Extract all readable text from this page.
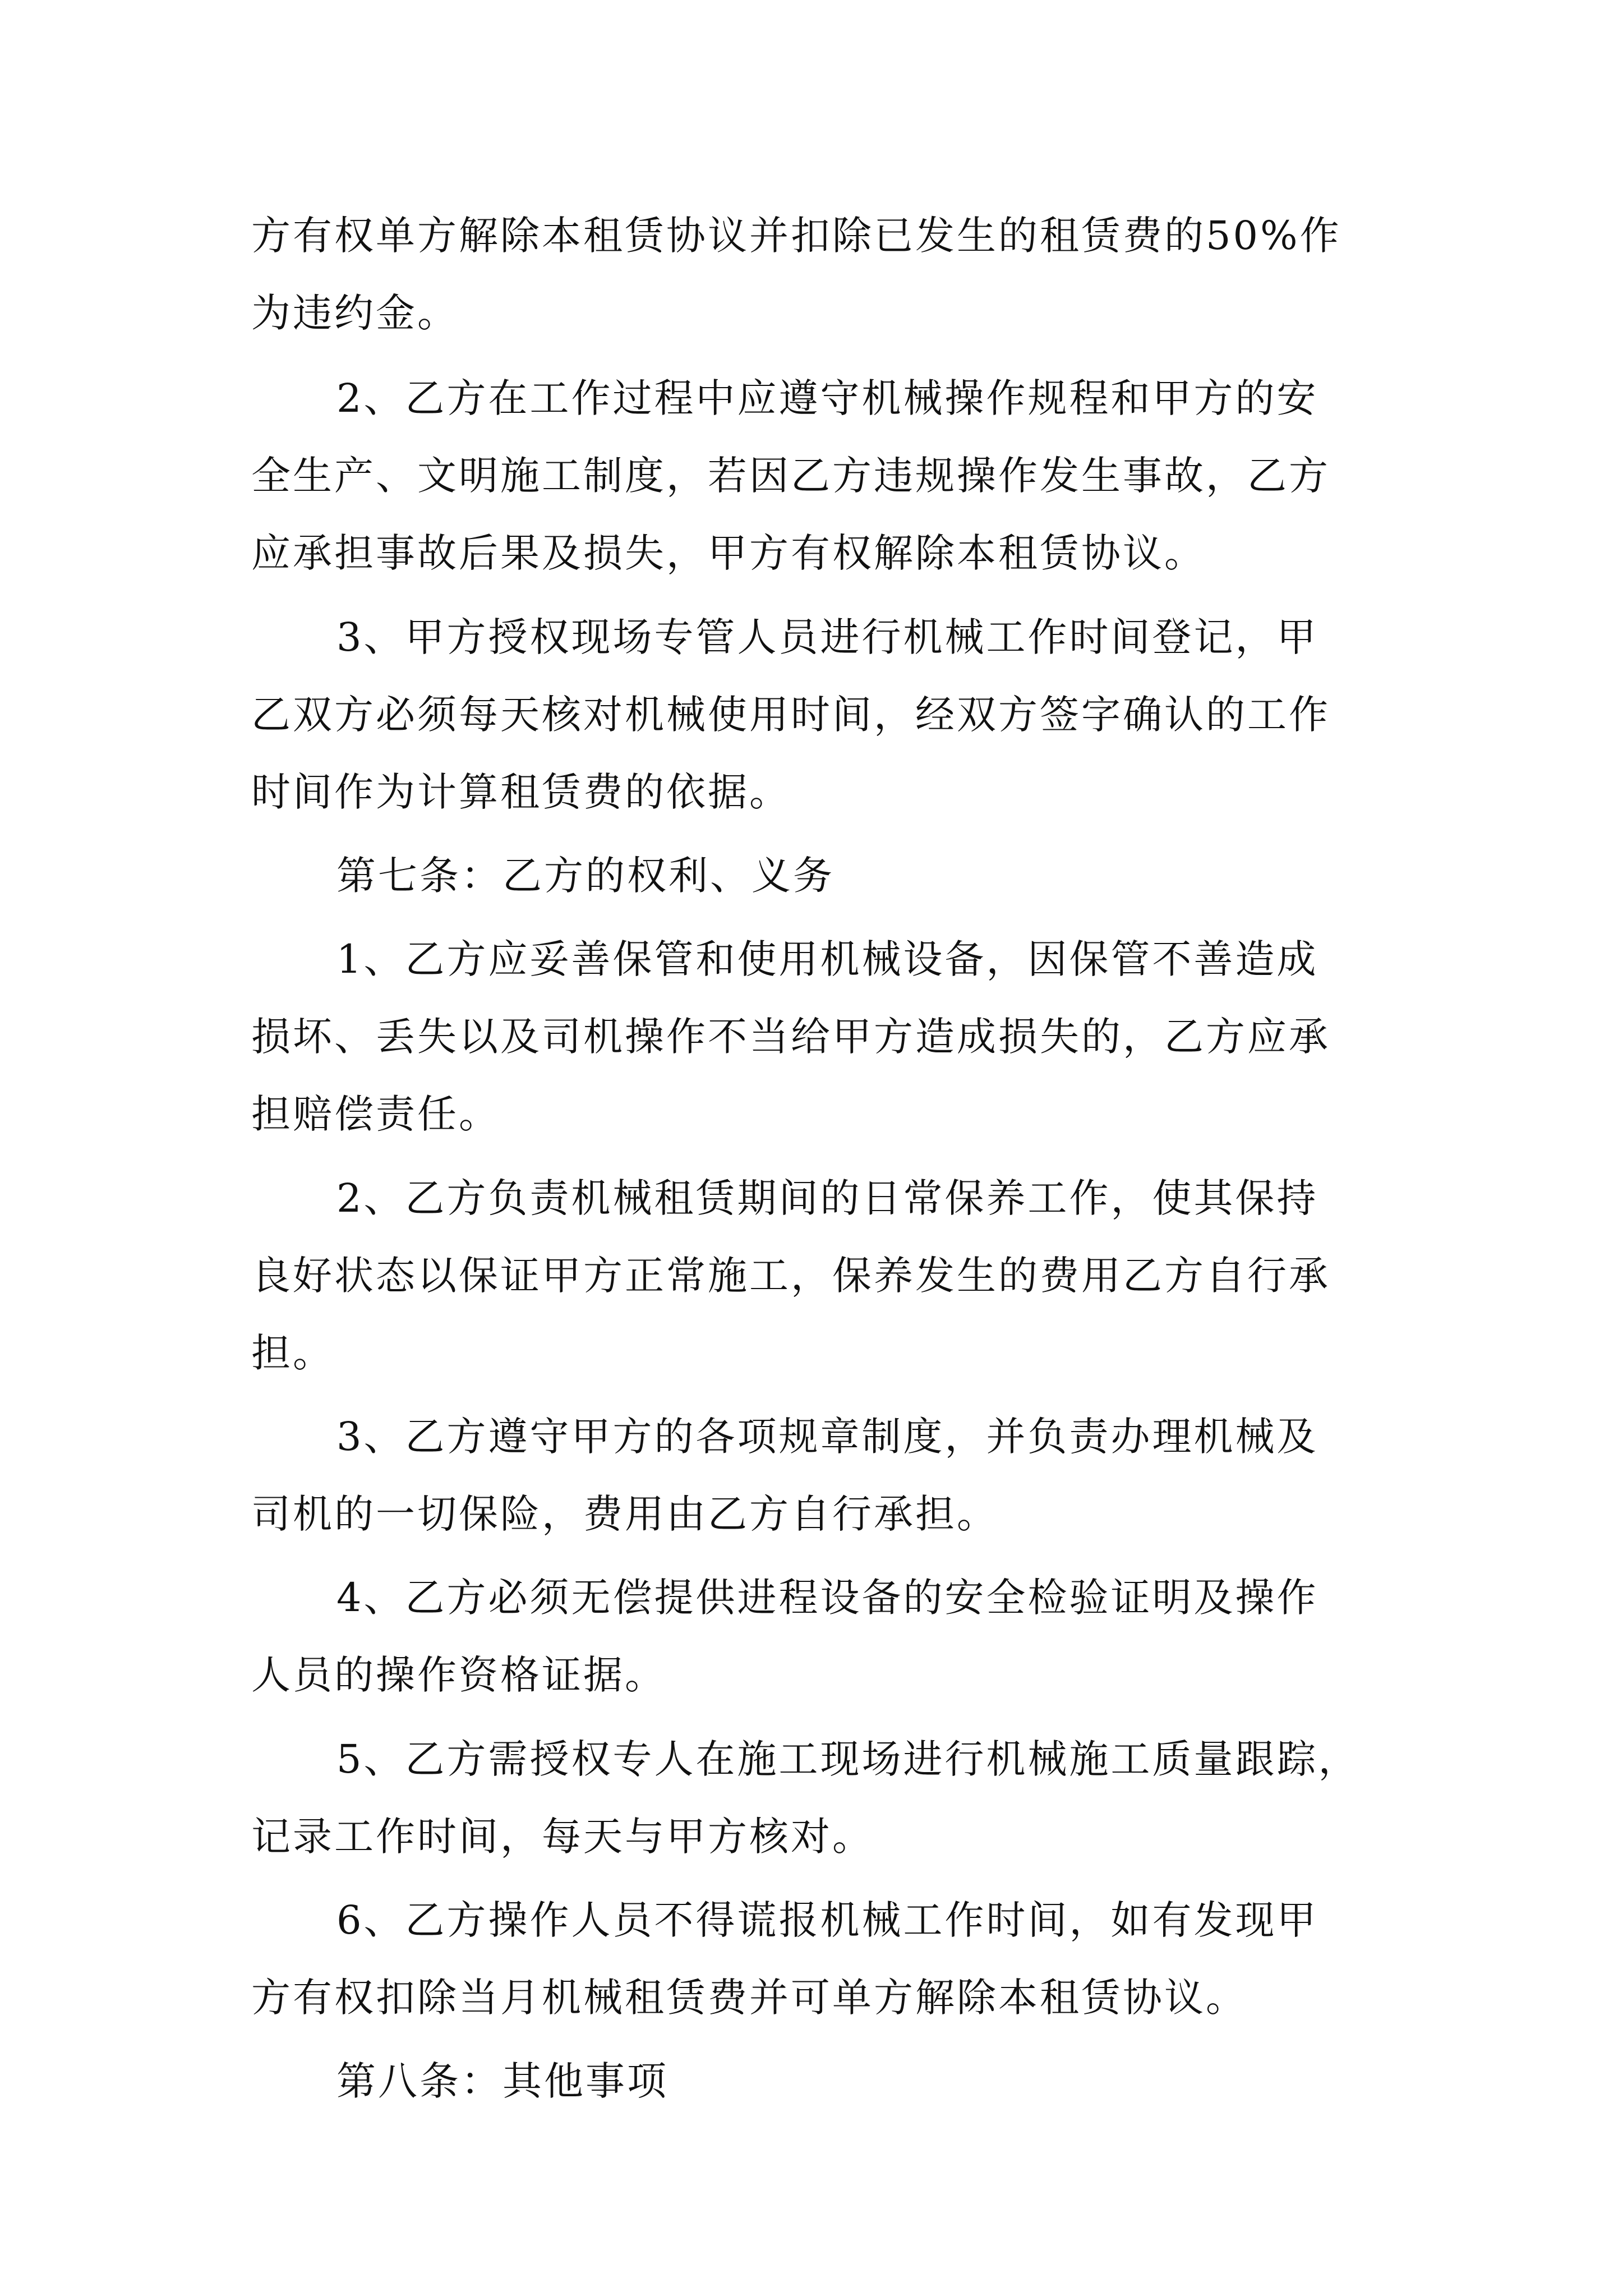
方有权单方解除本租赁协议并扣除已发生的租赁费的50%作
为违约金。
2、乙方在工作过程中应遵守机械操作规程和甲方的安
全生产、文明施工制度，若因乙方违规操作发生事故，乙方
应承担事故后果及损失，甲方有权解除本租赁协议。
3、甲方授权现场专管人员进行机械工作时间登记，甲
乙双方必须每天核对机械使用时间，经双方签字确认的工作
时间作为计算租赁费的依据。
第七条：乙方的权利、义务
1、乙方应妥善保管和使用机械设备，因保管不善造成
损坏、丢失以及司机操作不当给甲方造成损失的，乙方应承
担赔偿责任。
2、乙方负责机械租赁期间的日常保养工作，使其保持
良好状态以保证甲方正常施工，保养发生的费用乙方自行承
担。
3、乙方遵守甲方的各项规章制度，并负责办理机械及
司机的一切保险，费用由乙方自行承担。
4、乙方必须无偿提供进程设备的安全检验证明及操作
人员的操作资格证据。
5、乙方需授权专人在施工现场进行机械施工质量跟踪，
记录工作时间，每天与甲方核对。
6、乙方操作人员不得谎报机械工作时间，如有发现甲
方有权扣除当月机械租赁费并可单方解除本租赁协议。
第八条：其他事项
